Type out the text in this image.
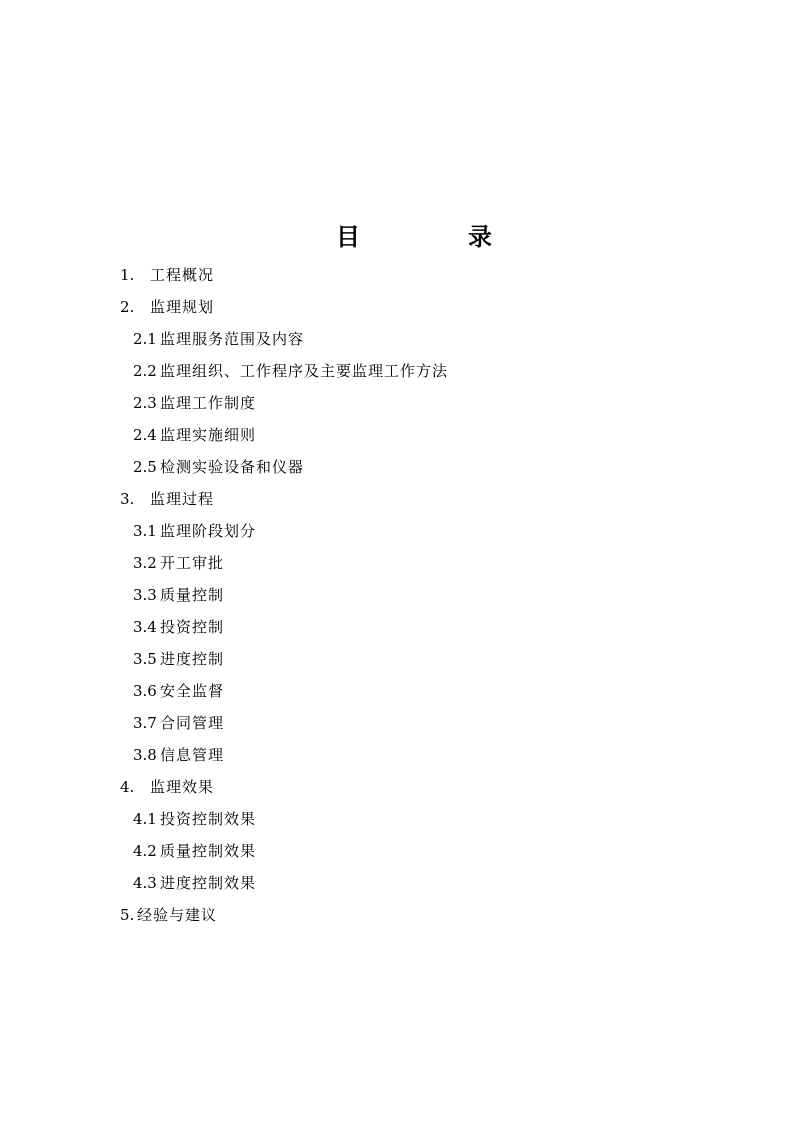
目	录
1. 工程概况
2. 监理规划
2.1 监理服务范围及内容
2.2 监理组织、工作程序及主要监理工作方法
2.3 监理工作制度
2.4 监理实施细则
2.5 检测实验设备和仪器
3. 监理过程
3.1 监理阶段划分
3.2 开工审批
3.3 质量控制
3.4 投资控制
3.5 进度控制
3.6 安全监督
3.7 合同管理
3.8 信息管理
4. 监理效果
4.1 投资控制效果
4.2 质量控制效果
4.3 进度控制效果
5. 经验与建议
